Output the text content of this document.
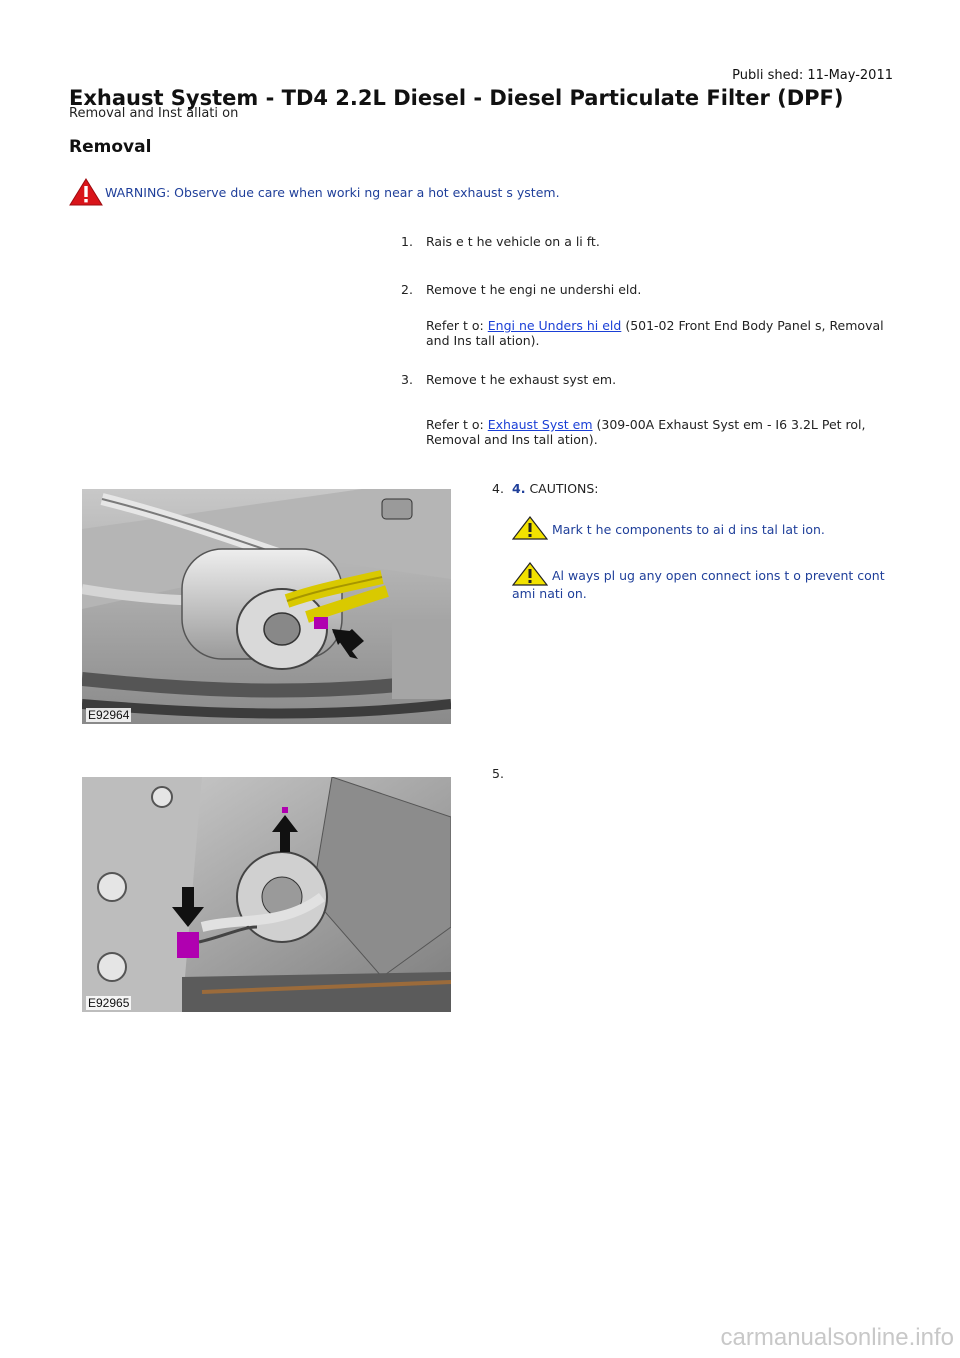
Publi shed: 11-May-2011
Exhaust System - TD4 2.2L Diesel - Diesel Particulate Filter (DPF)
Removal and Inst allati on
Removal
WARNING: Observe due care when worki ng near a hot exhaust s ystem.
1. Rais e t he vehicle on a li ft.
2. Remove t he engi ne undershi eld.
Refer t o: Engi ne Unders hi eld (501-02 Front End Body Panel s, Removal and Ins tall ation).
3. Remove t he exhaust syst em.
Refer t o: Exhaust Syst em (309-00A Exhaust Syst em - I6 3.2L Pet rol, Removal and Ins tall ation).
4. 4. CAUTIONS:
Mark t he components to ai d ins tal lat ion.
Al ways pl ug any open connect ions t o prevent cont ami nati on.
E92964
5.
E92965
carmanualsonline.info
